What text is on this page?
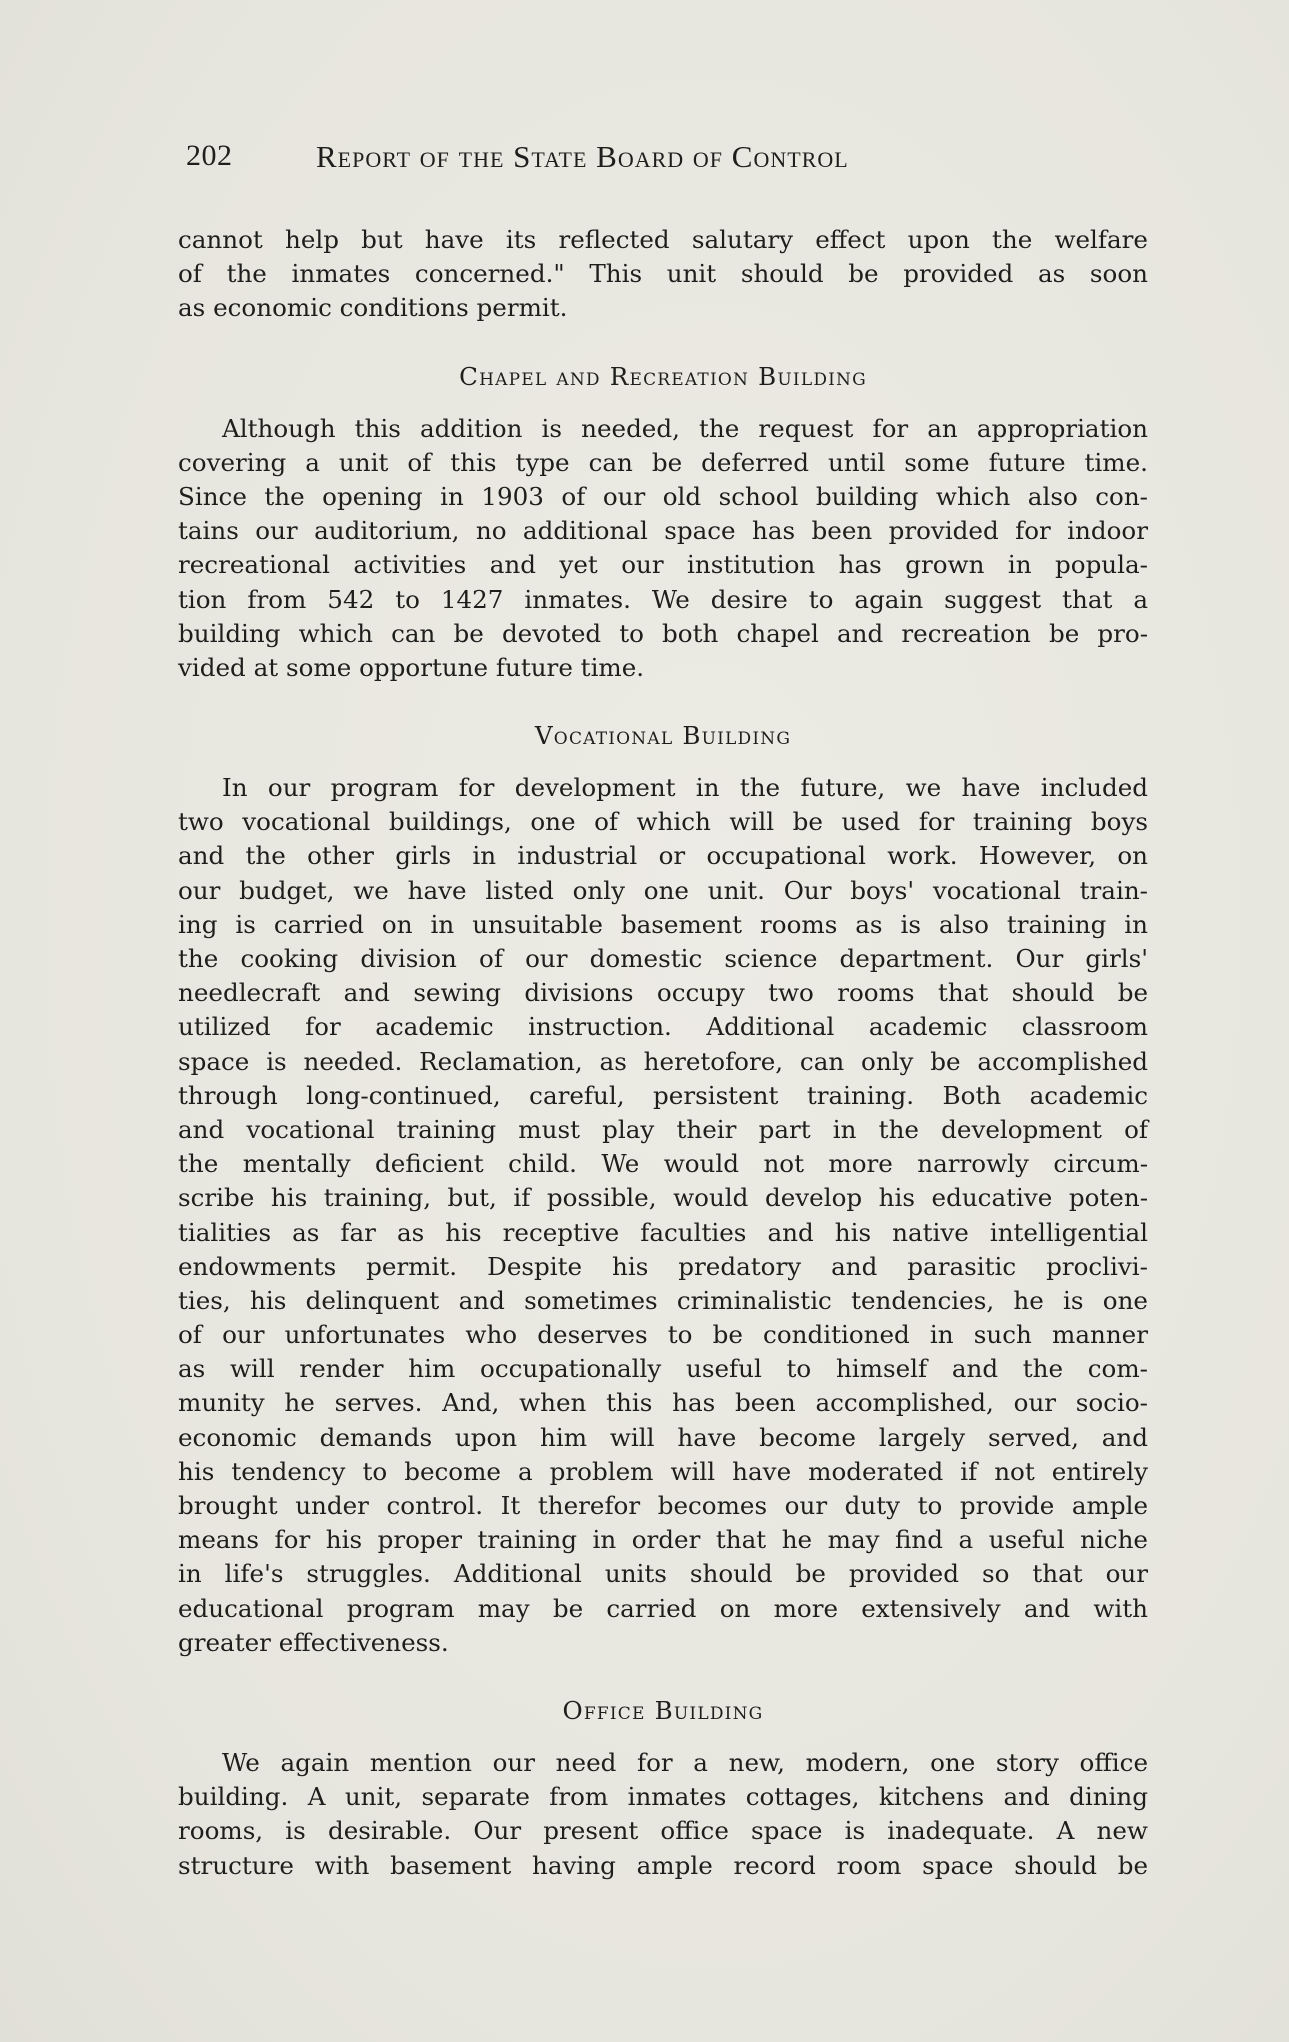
202	Report of the State Board of Control
cannot help but have its reflected salutary effect upon the welfare
of the inmates concerned." This unit should be provided as soon
as economic conditions permit.
Chapel and Recreation Building
Although this addition is needed, the request for an appropriation
covering a unit of this type can be deferred until some future time.
Since the opening in 1903 of our old school building which also con-
tains our auditorium, no additional space has been provided for indoor
recreational activities and yet our institution has grown in popula-
tion from 542 to 1427 inmates. We desire to again suggest that a
building which can be devoted to both chapel and recreation be pro-
vided at some opportune future time.
Vocational Building
In our program for development in the future, we have included
two vocational buildings, one of which will be used for training boys
and the other girls in industrial or occupational work. However, on
our budget, we have listed only one unit. Our boys' vocational train-
ing is carried on in unsuitable basement rooms as is also training in
the cooking division of our domestic science department. Our girls'
needlecraft and sewing divisions occupy two rooms that should be
utilized for academic instruction. Additional academic classroom
space is needed. Reclamation, as heretofore, can only be accomplished
through long-continued, careful, persistent training. Both academic
and vocational training must play their part in the development of
the mentally deficient child. We would not more narrowly circum-
scribe his training, but, if possible, would develop his educative poten-
tialities as far as his receptive faculties and his native intelligential
endowments permit. Despite his predatory and parasitic proclivi-
ties, his delinquent and sometimes criminalistic tendencies, he is one
of our unfortunates who deserves to be conditioned in such manner
as will render him occupationally useful to himself and the com-
munity he serves. And, when this has been accomplished, our socio-
economic demands upon him will have become largely served, and
his tendency to become a problem will have moderated if not entirely
brought under control. It therefor becomes our duty to provide ample
means for his proper training in order that he may find a useful niche
in life's struggles. Additional units should be provided so that our
educational program may be carried on more extensively and with
greater effectiveness.
Office Building
We again mention our need for a new, modern, one story office
building. A unit, separate from inmates cottages, kitchens and dining
rooms, is desirable. Our present office space is inadequate. A new
structure with basement having ample record room space should be
